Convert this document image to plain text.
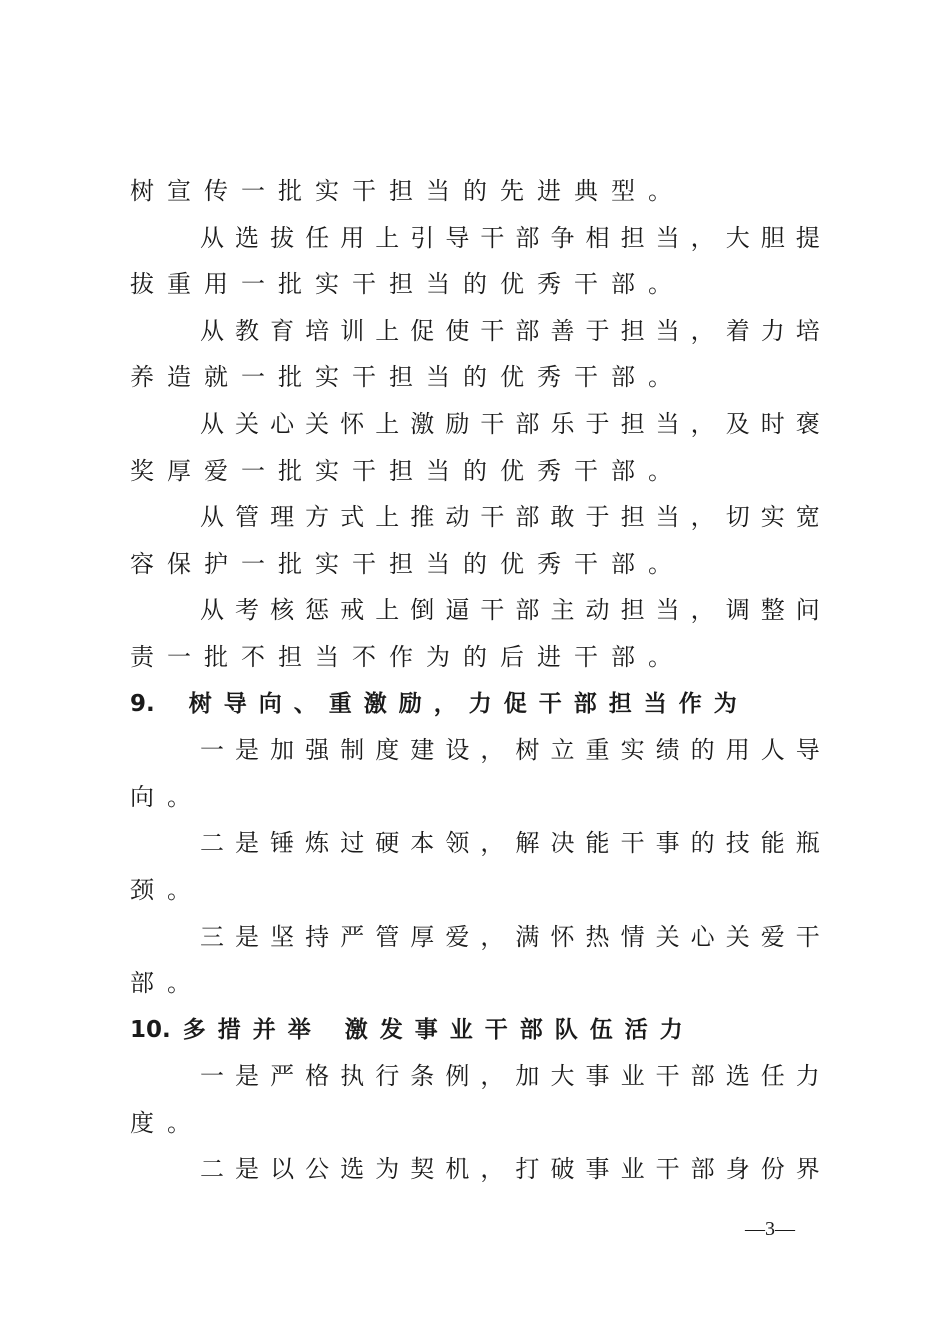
树 宣 传 一 批 实 干 担 当 的 先 进 典 型 。
从 选 拔 任 用 上 引 导 干 部 争 相 担 当 ， 大 胆 提
拔 重 用 一 批 实 干 担 当 的 优 秀 干 部 。
从 教 育 培 训 上 促 使 干 部 善 于 担 当 ， 着 力 培
养 造 就 一 批 实 干 担 当 的 优 秀 干 部 。
从 关 心 关 怀 上 激 励 干 部 乐 于 担 当 ， 及 时 褒
奖 厚 爱 一 批 实 干 担 当 的 优 秀 干 部 。
从 管 理 方 式 上 推 动 干 部 敢 于 担 当 ， 切 实 宽
容 保 护 一 批 实 干 担 当 的 优 秀 干 部 。
从 考 核 惩 戒 上 倒 逼 干 部 主 动 担 当 ， 调 整 问
责 一 批 不 担 当 不 作 为 的 后 进 干 部 。
9. 树 导 向 、 重 激 励 ， 力 促 干 部 担 当 作 为
一 是 加 强 制 度 建 设 ， 树 立 重 实 绩 的 用 人 导
向 。
二 是 锤 炼 过 硬 本 领 ， 解 决 能 干 事 的 技 能 瓶
颈 。
三 是 坚 持 严 管 厚 爱 ， 满 怀 热 情 关 心 关 爱 干
部 。
10. 多 措 并 举 激 发 事 业 干 部 队 伍 活 力
一 是 严 格 执 行 条 例 ， 加 大 事 业 干 部 选 任 力
度 。
二 是 以 公 选 为 契 机 ， 打 破 事 业 干 部 身 份 界
—3—
